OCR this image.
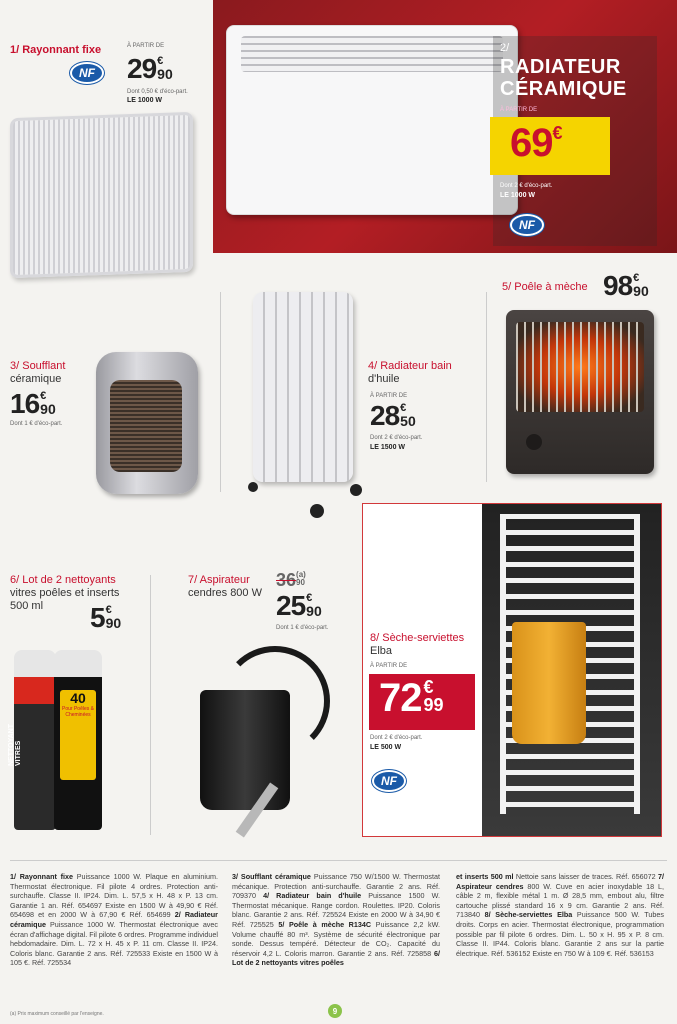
2/
RADIATEUR
CÉRAMIQUE
À PARTIR DE
69 €
Dont 2 € d'éco-part.
LE 1000 W
NF
1/ Rayonnant fixe
NF
À PARTIR DE
29 €
90
Dont 0,50 € d'éco-part.
LE 1000 W
3/ Soufflant
céramique
16 €
90
Dont 1 € d'éco-part.
4/ Radiateur bain
d'huile
À PARTIR DE
28 €
50
Dont 2 € d'éco-part.
LE 1500 W
5/ Poêle à mèche 98 €
90
6/ Lot de 2 nettoyants
vitres poêles et inserts
500 ml	5 €
90
NETTOYANT VITRES
40
Pour Poêles & Cheminées
7/ Aspirateur
cendres 800 W
36 (a)
90
25 €
90
Dont 1 € d'éco-part.
8/ Sèche-serviettes
Elba
À PARTIR DE
72 €
99
Dont 2 € d'éco-part.
LE 500 W
NF
1/ Rayonnant fixe Puissance 1000 W. Plaque en aluminium. Thermostat électronique. Fil pilote 4 ordres. Protection anti-surchauffe. Classe II. IP24. Dim. L. 57,5 x H. 48 x P. 13 cm. Garantie 1 an. Réf. 654697 Existe en 1500 W à 49,90 € Réf. 654698 et en 2000 W à 67,90 € Réf. 654699 2/ Radiateur céramique Puissance 1000 W. Thermostat électronique avec écran d'affichage digital. Fil pilote 6 ordres. Programme individuel hebdomadaire. Dim. L. 72 x H. 45 x P. 11 cm. Classe II. IP24. Coloris blanc. Garantie 2 ans. Réf. 725533 Existe en 1500 W à 105 €. Réf. 725534
3/ Soufflant céramique Puissance 750 W/1500 W. Thermostat mécanique. Protection anti-surchauffe. Garantie 2 ans. Réf. 709370 4/ Radiateur bain d'huile Puissance 1500 W. Thermostat mécanique. Range cordon. Roulettes. IP20. Coloris blanc. Garantie 2 ans. Réf. 725524 Existe en 2000 W à 34,90 € Réf. 725525 5/ Poêle à mèche R134C Puissance 2,2 kW. Volume chauffé 80 m³. Système de sécurité électronique par sonde. Dessus tempéré. Détecteur de CO₂. Capacité du réservoir 4,2 L. Coloris marron. Garantie 2 ans. Réf. 725858 6/ Lot de 2 nettoyants vitres poêles
et inserts 500 ml Nettoie sans laisser de traces. Réf. 656072 7/ Aspirateur cendres 800 W. Cuve en acier inoxydable 18 L, câble 2 m, flexible métal 1 m. Ø 28,5 mm, embout alu, filtre cartouche plissé standard 16 x 9 cm. Garantie 2 ans. Réf. 713840 8/ Sèche-serviettes Elba Puissance 500 W. Tubes droits. Corps en acier. Thermostat électronique, programmation possible par fil pilote 6 ordres. Dim. L. 50 x H. 95 x P. 8 cm. Classe II. IP44. Coloris blanc. Garantie 2 ans sur la partie électrique. Réf. 536152 Existe en 750 W à 109 €. Réf. 536153
(a) Prix maximum conseillé par l'enseigne.	9
